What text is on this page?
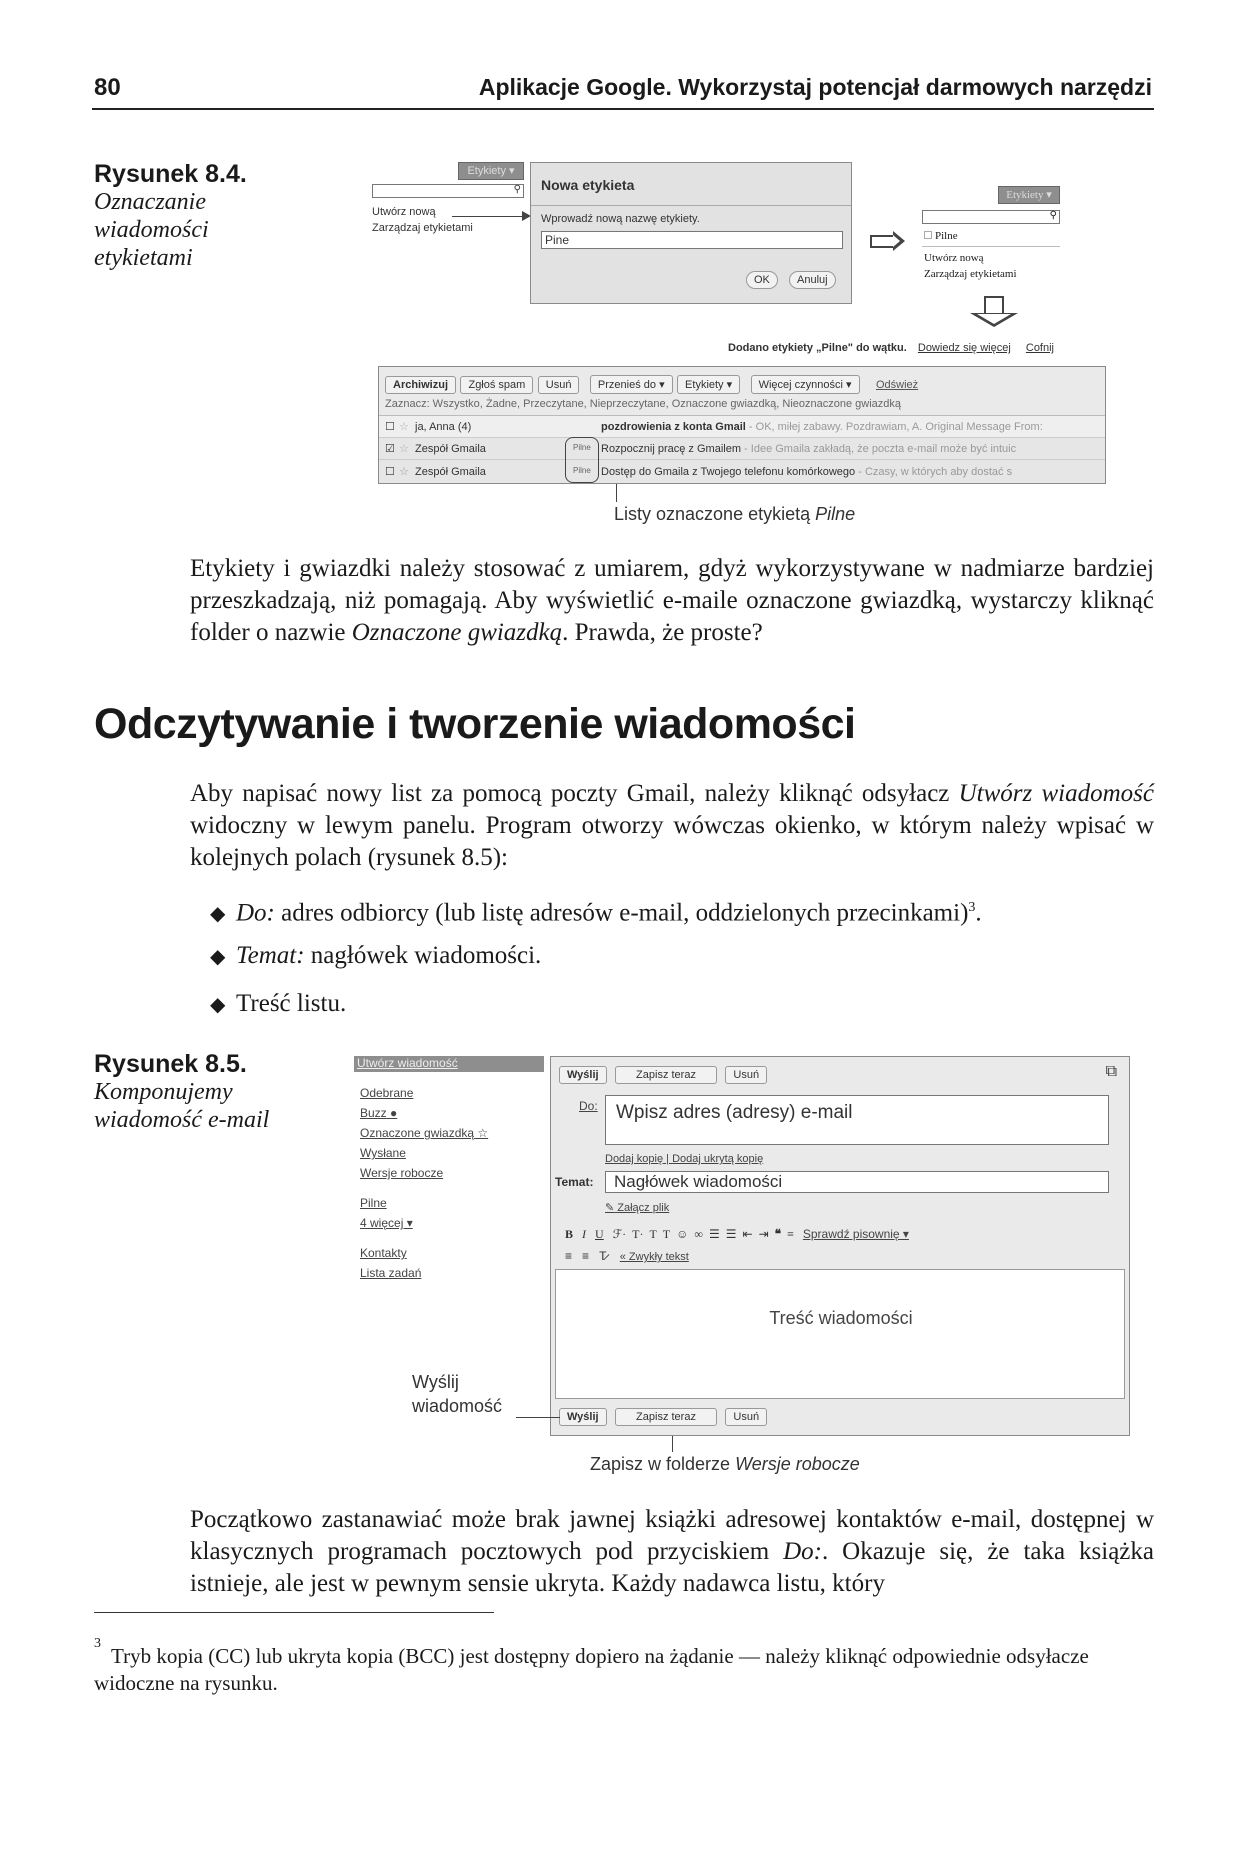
80	Aplikacje Google. Wykorzystaj potencjał darmowych narzędzi
Rysunek 8.4.
Oznaczanie
wiadomości
etykietami
Etykiety ▾
⚲
Utwórz nową
Zarządzaj etykietami
Nowa etykieta
Wprowadź nową nazwę etykiety.
Pine
OK	Anuluj
Etykiety ▾
⚲
Pilne
Utwórz nową
Zarządzaj etykietami
Dodano etykiety „Pilne" do wątku. Dowiedz się więcej Cofnij
Archiwizuj Zgłoś spam Usuń Przenieś do ▾ Etykiety ▾ Więcej czynności ▾ Odśwież
Zaznacz: Wszystko, Żadne, Przeczytane, Nieprzeczytane, Oznaczone gwiazdką, Nieoznaczone gwiazdką
☐ ☆ ja, Anna (4)	pozdrowienia z konta Gmail - OK, miłej zabawy. Pozdrawiam, A. Original Message From:
☑ ☆ Zespół Gmaila	Pilne Rozpocznij pracę z Gmailem - Idee Gmaila zakładą, że poczta e-mail może być intuic
☐ ☆ Zespół Gmaila	Pilne Dostęp do Gmaila z Twojego telefonu komórkowego - Czasy, w których aby dostać s
Listy oznaczone etykietą Pilne
Etykiety i gwiazdki należy stosować z umiarem, gdyż wykorzystywane w nadmiarze bardziej przeszkadzają, niż pomagają. Aby wyświetlić e-maile oznaczone gwiazdką, wystarczy kliknąć folder o nazwie Oznaczone gwiazdką. Prawda, że proste?
Odczytywanie i tworzenie wiadomości
Aby napisać nowy list za pomocą poczty Gmail, należy kliknąć odsyłacz Utwórz wiadomość widoczny w lewym panelu. Program otworzy wówczas okienko, w którym należy wpisać w kolejnych polach (rysunek 8.5):
◆ Do: adres odbiorcy (lub listę adresów e-mail, oddzielonych przecinkami)$^3$.
◆ Temat: nagłówek wiadomości.
◆ Treść listu.
Rysunek 8.5.
Komponujemy
wiadomość e-mail
Utwórz wiadomość
Odebrane
Buzz ●
Oznaczone gwiazdką ☆
Wysłane
Wersje robocze
Pilne
4 więcej ▾
Kontakty
Lista zadań
Wyślij	Zapisz teraz	Usuń	⧉
Do: Wpisz adres (adresy) e-mail
Dodaj kopię | Dodaj ukrytą kopię
Temat:	Nagłówek wiadomości
✎ Załącz plik
B I U ℱ· T· T T ☺ ∞ ☰ ☰ ⇤ ⇥ ❝ ≡ Sprawdź pisownię ▾
≡ ≡ T̷ « Zwykły tekst
Treść wiadomości
Wyślij	Zapisz teraz	Usuń
Wyślij
wiadomość
Zapisz w folderze Wersje robocze
Początkowo zastanawiać może brak jawnej książki adresowej kontaktów e-mail, dostępnej w klasycznych programach pocztowych pod przyciskiem Do:. Okazuje się, że taka książka istnieje, ale jest w pewnym sensie ukryta. Każdy nadawca listu, który
$^3$Tryb kopia (CC) lub ukryta kopia (BCC) jest dostępny dopiero na żądanie — należy kliknąć odpowiednie odsyłacze widoczne na rysunku.
